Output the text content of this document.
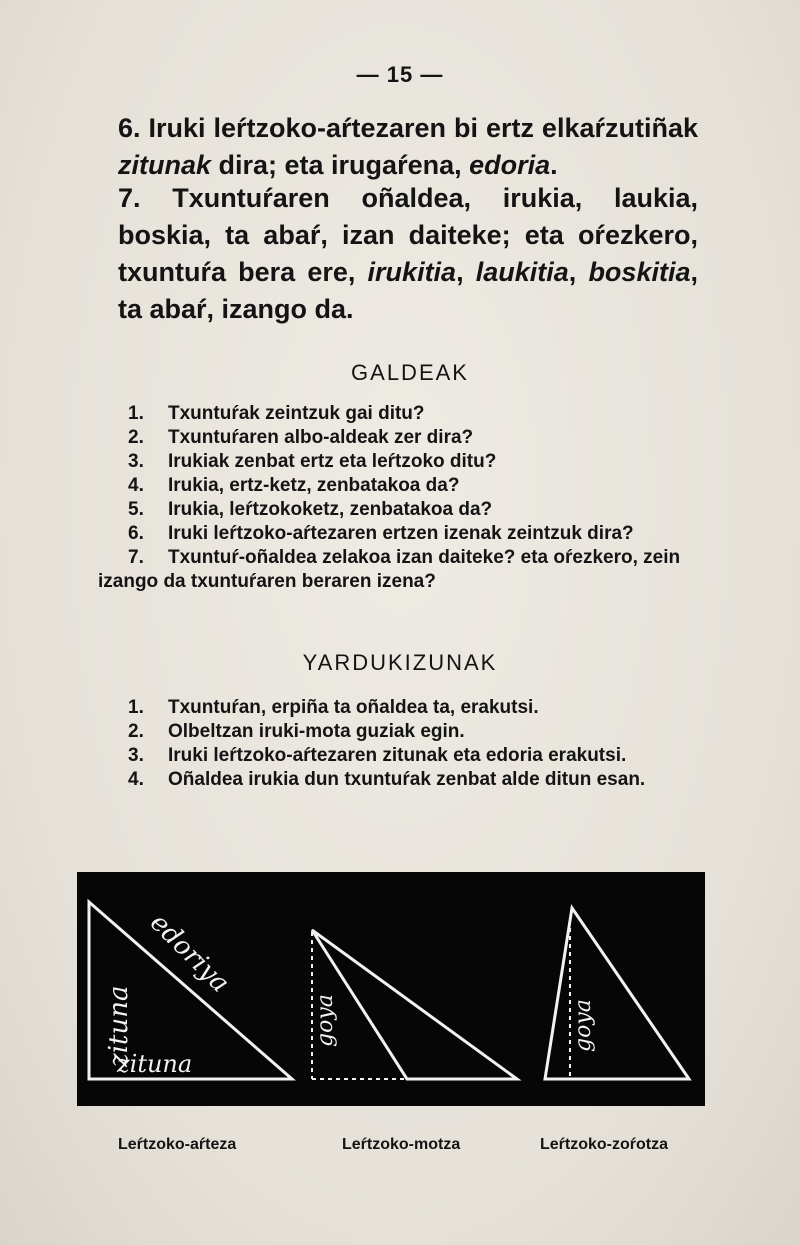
— 15 —

6. Iruki leŕtzoko-aŕtezaren bi ertz elkaŕzutiñak zitunak dira; eta irugaŕena, edoria.

7. Txuntuŕaren oñaldea, irukia, laukia, boskia, ta abaŕ, izan daiteke; eta oŕezkero, txuntuŕa bera ere, irukitia, laukitia, boskitia, ta abaŕ, izango da.

GALDEAK
1. Txuntuŕak zeintzuk gai ditu?
2. Txuntuŕaren albo-aldeak zer dira?
3. Irukiak zenbat ertz eta leŕtzoko ditu?
4. Irukia, ertz-ketz, zenbatakoa da?
5. Irukia, leŕtzokoketz, zenbatakoa da?
6. Iruki leŕtzoko-aŕtezaren ertzen izenak zeintzuk dira?
7. Txuntuŕ-oñaldea zelakoa izan daiteke? eta oŕezkero, zein izango da txuntuŕaren beraren izena?
YARDUKIZUNAK
1. Txuntuŕan, erpiña ta oñaldea ta, erakutsi.
2. Olbeltzan iruki-mota guziak egin.
3. Iruki leŕtzoko-aŕtezaren zitunak eta edoria erakutsi.
4. Oñaldea irukia dun txuntuŕak zenbat alde ditun esan.
zituna
zituna
edoriya
goya	goya
Leŕtzoko-aŕteza	Leŕtzoko-motza	Leŕtzoko-zoŕotza
